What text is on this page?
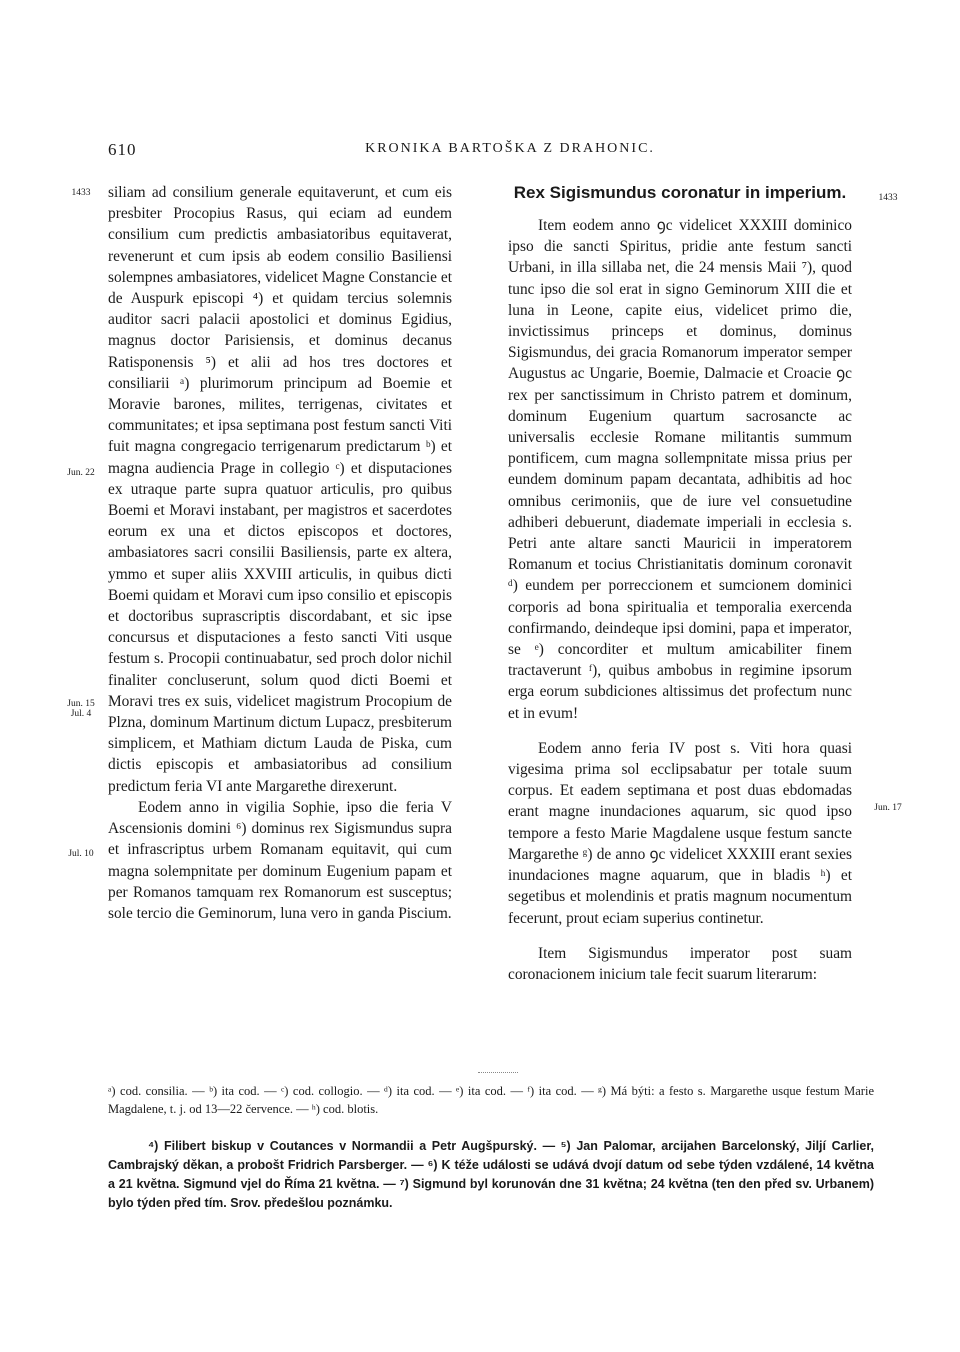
610	KRONIKA BARTOŠKA Z DRAHONIC.
1433
Jun. 22
Jun. 15 Jul. 4
Jul. 10
1433
Jun. 17

siliam ad consilium generale equitaverunt, et cum eis presbiter Procopius Rasus, qui eciam ad eundem consilium cum predictis ambasiatoribus equitaverat, revenerunt et cum ipsis ab eodem consilio Basiliensi solempnes ambasiatores, videlicet Magne Constancie et de Auspurk episcopi ⁴) et quidam tercius solemnis auditor sacri palacii apostolici et dominus Egidius, magnus doctor Parisiensis, et dominus decanus Ratisponensis ⁵) et alii ad hos tres doctores et consiliarii ᵃ) plurimorum principum ad Boemie et Moravie barones, milites, terrigenas, civitates et communitates; et ipsa septimana post festum sancti Viti fuit magna congregacio terrigenarum predictarum ᵇ) et magna audiencia Prage in collegio ᶜ) et disputaciones ex utraque parte supra quatuor articulis, pro quibus Boemi et Moravi instabant, per magistros et sacerdotes eorum ex una et dictos episcopos et doctores, ambasiatores sacri consilii Basiliensis, parte ex altera, ymmo et super aliis XXVIII articulis, in quibus dicti Boemi quidam et Moravi cum ipso consilio et episcopis et doctoribus suprascriptis discordabant, et sic ipse concursus et disputaciones a festo sancti Viti usque festum s. Procopii continuabatur, sed proch dolor nichil finaliter concluserunt, solum quod dicti Boemi et Moravi tres ex suis, videlicet magistrum Procopium de Plzna, dominum Martinum dictum Lupacz, presbiterum simplicem, et Mathiam dictum Lauda de Piska, cum dictis episcopis et ambasiatoribus ad consilium predictum feria VI ante Margarethe direxerunt.

Eodem anno in vigilia Sophie, ipso die feria V Ascensionis domini ⁶) dominus rex Sigismundus supra et infrascriptus urbem Romanam equitavit, qui cum magna solempnitate per dominum Eugenium papam et per Romanos tamquam rex Romanorum est susceptus; sole tercio die Geminorum, luna vero in ganda Piscium.

Rex Sigismundus coronatur in imperium.

Item eodem anno ꝯc videlicet XXXIII dominico ipso die sancti Spiritus, pridie ante festum sancti Urbani, in illa sillaba net, die 24 mensis Maii ⁷), quod tunc ipso die sol erat in signo Geminorum XIII die et luna in Leone, capite eius, videlicet primo die, invictissimus princeps et dominus, dominus Sigismundus, dei gracia Romanorum imperator semper Augustus ac Ungarie, Boemie, Dalmacie et Croacie ꝯc rex per sanctissimum in Christo patrem et dominum, dominum Eugenium quartum sacrosancte ac universalis ecclesie Romane militantis summum pontificem, cum magna sollempnitate missa prius per eundem dominum papam decantata, adhibitis ad hoc omnibus cerimoniis, que de iure vel consuetudine adhiberi debuerunt, diademate imperiali in ecclesia s. Petri ante altare sancti Mauricii in imperatorem Romanum et tocius Christianitatis dominum coronavit ᵈ) eundem per porreccionem et sumcionem dominici corporis ad bona spiritualia et temporalia exercenda confirmando, deindeque ipsi domini, papa et imperator, se ᵉ) concorditer et multum amicabiliter finem tractaverunt ᶠ), quibus ambobus in regimine ipsorum erga eorum subdiciones altissimus det profectum nunc et in evum!

Eodem anno feria IV post s. Viti hora quasi vigesima prima sol ecclipsabatur per totale suum corpus. Et eadem septimana et post duas ebdomadas erant magne inundaciones aquarum, sic quod ipso tempore a festo Marie Magdalene usque festum sancte Margarethe ᵍ) de anno ꝯc videlicet XXXIII erant sexies inundaciones magne aquarum, que in bladis ʰ) et segetibus et molendinis et pratis magnum nocumentum fecerunt, prout eciam superius continetur.

Item Sigismundus imperator post suam coronacionem inicium tale fecit suarum literarum:

ᵃ) cod. consilia. — ᵇ) ita cod. — ᶜ) cod. collogio. — ᵈ) ita cod. — ᵉ) ita cod. — ᶠ) ita cod. — ᵍ) Má býti: a festo s. Margarethe usque festum Marie Magdalene, t. j. od 13—22 července. — ʰ) cod. blotis.

⁴) Filibert biskup v Coutances v Normandii a Petr Augšpurský. — ⁵) Jan Palomar, arcijahen Barcelonský, Jiljí Carlier, Cambrajský děkan, a probošt Fridrich Parsberger. — ⁶) K téže události se udává dvojí datum od sebe týden vzdálené, 14 května a 21 května. Sigmund vjel do Říma 21 května. — ⁷) Sigmund byl korunován dne 31 května; 24 května (ten den před sv. Urbanem) bylo týden před tím. Srov. předešlou poznámku.
